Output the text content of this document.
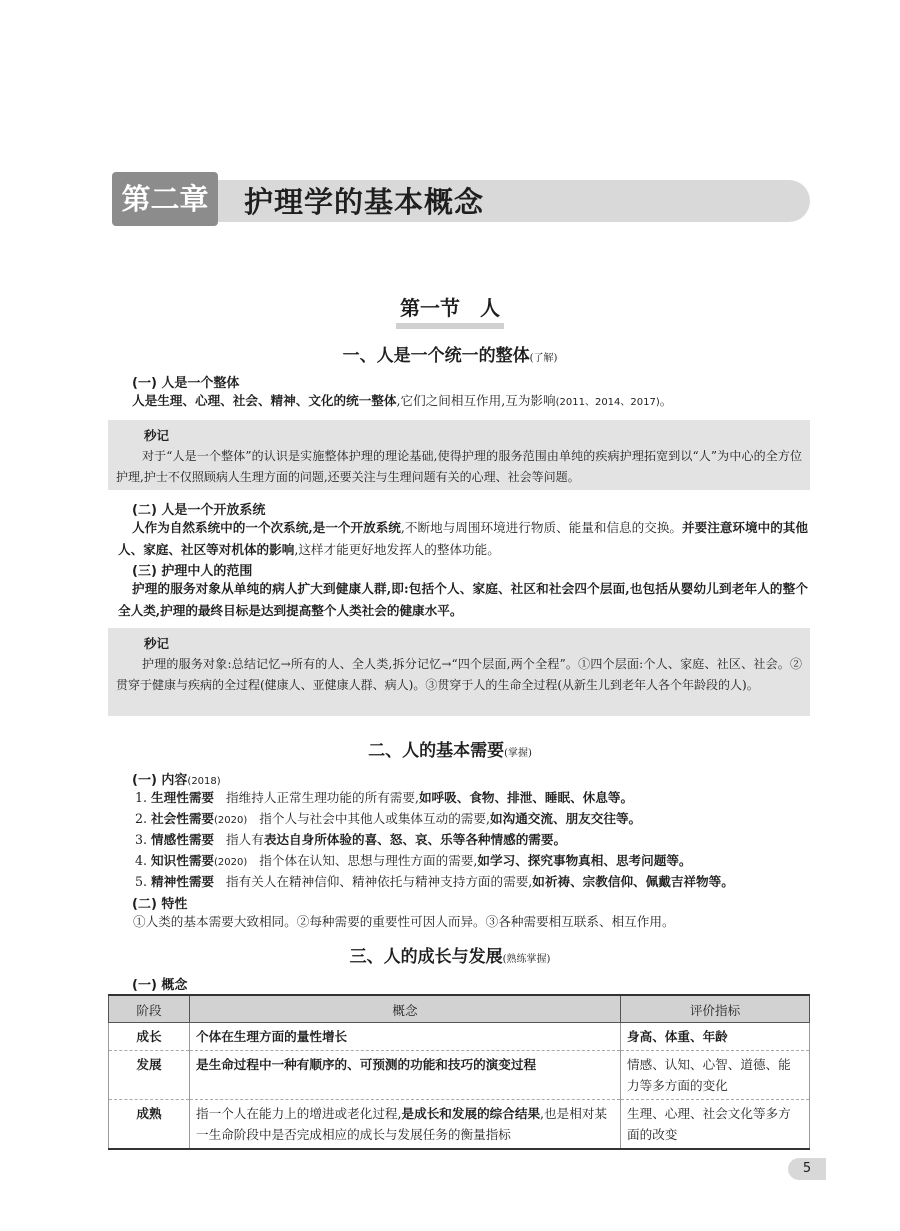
第二章	护理学的基本概念
第一节　人
一、人是一个统一的整体(了解)
(一) 人是一个整体
人是生理、心理、社会、精神、文化的统一整体,它们之间相互作用,互为影响(2011、2014、2017)。
秒记
对于“人是一个整体”的认识是实施整体护理的理论基础,使得护理的服务范围由单纯的疾病护理拓宽到以“人”为中心的全方位护理,护士不仅照顾病人生理方面的问题,还要关注与生理问题有关的心理、社会等问题。
(二) 人是一个开放系统
人作为自然系统中的一个次系统,是一个开放系统,不断地与周围环境进行物质、能量和信息的交换。并要注意环境中的其他人、家庭、社区等对机体的影响,这样才能更好地发挥人的整体功能。
(三) 护理中人的范围
护理的服务对象从单纯的病人扩大到健康人群,即:包括个人、家庭、社区和社会四个层面,也包括从婴幼儿到老年人的整个全人类,护理的最终目标是达到提高整个人类社会的健康水平。
秒记
护理的服务对象:总结记忆→所有的人、全人类,拆分记忆→“四个层面,两个全程”。①四个层面:个人、家庭、社区、社会。②贯穿于健康与疾病的全过程(健康人、亚健康人群、病人)。③贯穿于人的生命全过程(从新生儿到老年人各个年龄段的人)。
二、人的基本需要(掌握)
(一) 内容(2018)
1. 生理性需要 指维持人正常生理功能的所有需要,如呼吸、食物、排泄、睡眠、休息等。
2. 社会性需要(2020) 指个人与社会中其他人或集体互动的需要,如沟通交流、朋友交往等。
3. 情感性需要 指人有表达自身所体验的喜、怒、哀、乐等各种情感的需要。
4. 知识性需要(2020) 指个体在认知、思想与理性方面的需要,如学习、探究事物真相、思考问题等。
5. 精神性需要 指有关人在精神信仰、精神依托与精神支持方面的需要,如祈祷、宗教信仰、佩戴吉祥物等。
(二) 特性
①人类的基本需要大致相同。②每种需要的重要性可因人而异。③各种需要相互联系、相互作用。
三、人的成长与发展(熟练掌握)
(一) 概念
阶段	概念	评价指标
成长	个体在生理方面的量性增长	身高、体重、年龄
发展	是生命过程中一种有顺序的、可预测的功能和技巧的演变过程	情感、认知、心智、道德、能力等多方面的变化
成熟	指一个人在能力上的增进或老化过程,是成长和发展的综合结果,也是相对某一生命阶段中是否完成相应的成长与发展任务的衡量指标	生理、心理、社会文化等多方面的改变
5
